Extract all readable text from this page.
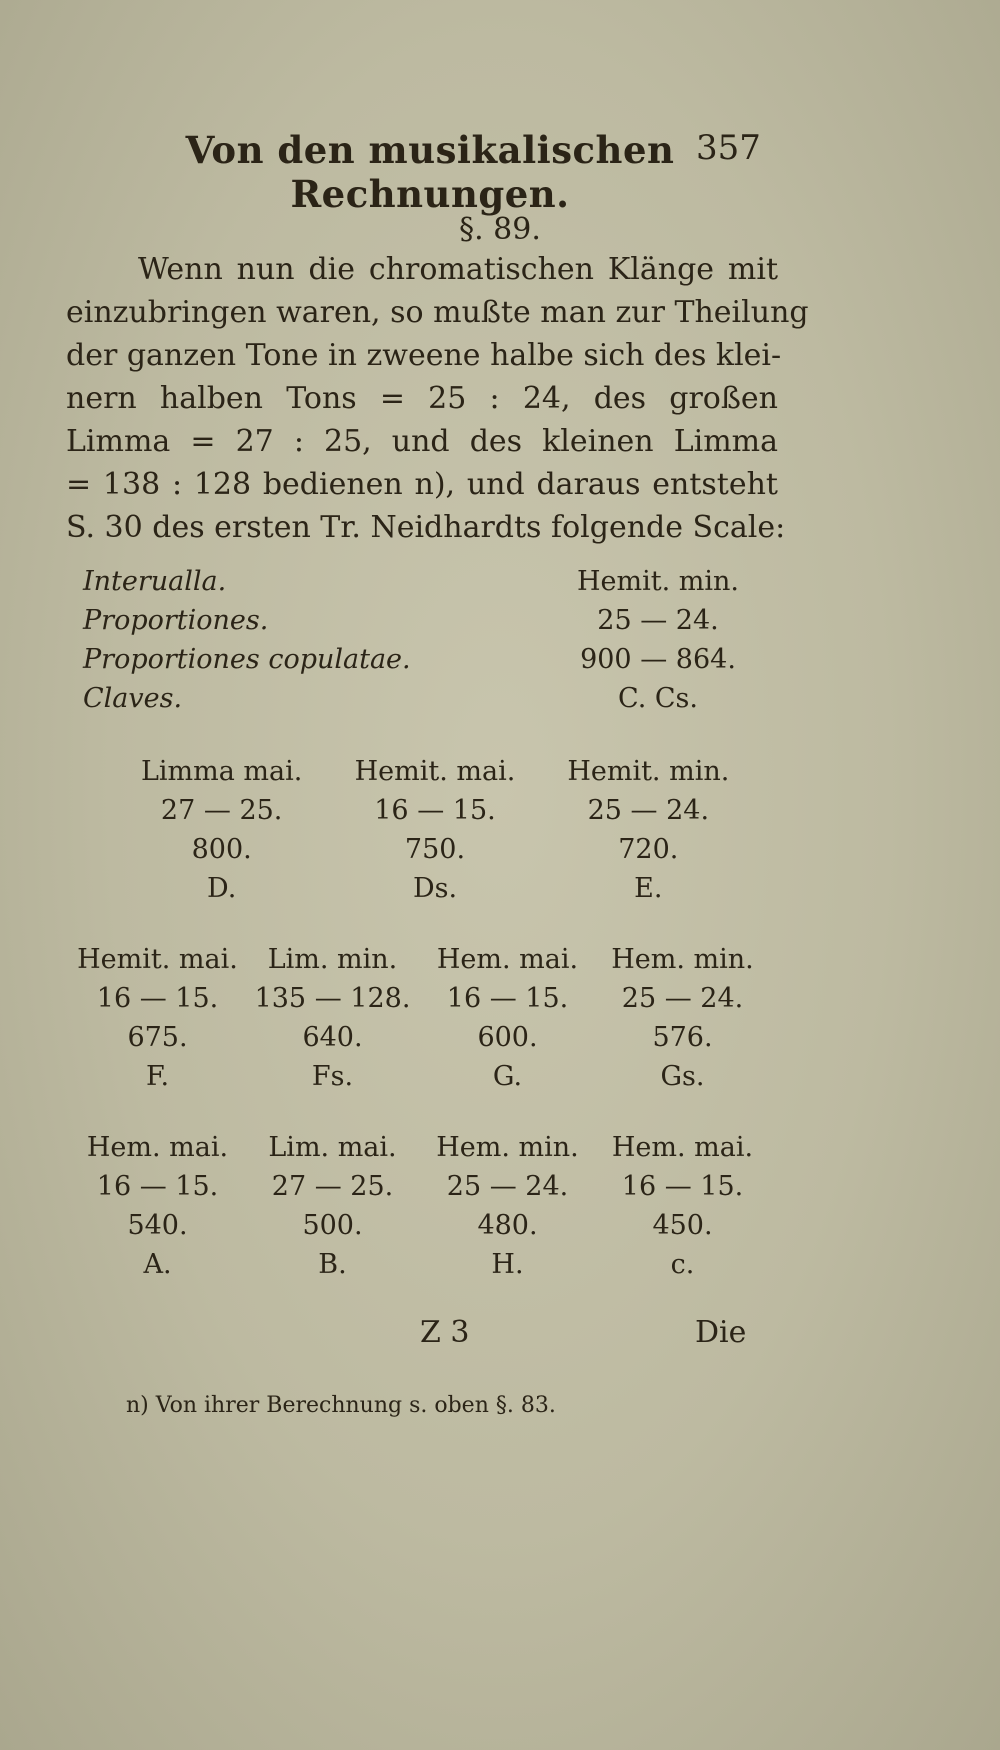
Von den musikalischen Rechnungen.
357
§. 89.
Wenn nun die chromatischen Klänge mit
einzubringen waren, so mußte man zur Theilung
der ganzen Tone in zweene halbe sich des klei-
nern halben Tons = 25 : 24, des großen
Limma = 27 : 25, und des kleinen Limma
= 138 : 128 bedienen n), und daraus entsteht
S. 30 des ersten Tr. Neidhardts folgende Scale:
Interualla.	Hemit. min.
Proportiones.	25 — 24.
Proportiones copulatae.	900 — 864.
Claves.	C. Cs.
Limma mai.	Hemit. mai.	Hemit. min.
27 — 25.	16 — 15.	25 — 24.
800.	750.	720.
D.	Ds.	E.
Hemit. mai.	Lim. min.	Hem. mai.	Hem. min.
16 — 15.	135 — 128.	16 — 15.	25 — 24.
675.	640.	600.	576.
F.	Fs.	G.	Gs.
Hem. mai.	Lim. mai.	Hem. min.	Hem. mai.
16 — 15.	27 — 25.	25 — 24.	16 — 15.
540.	500.	480.	450.
A.	B.	H.	c.
Z 3	Die
n) Von ihrer Berechnung s. oben §. 83.
